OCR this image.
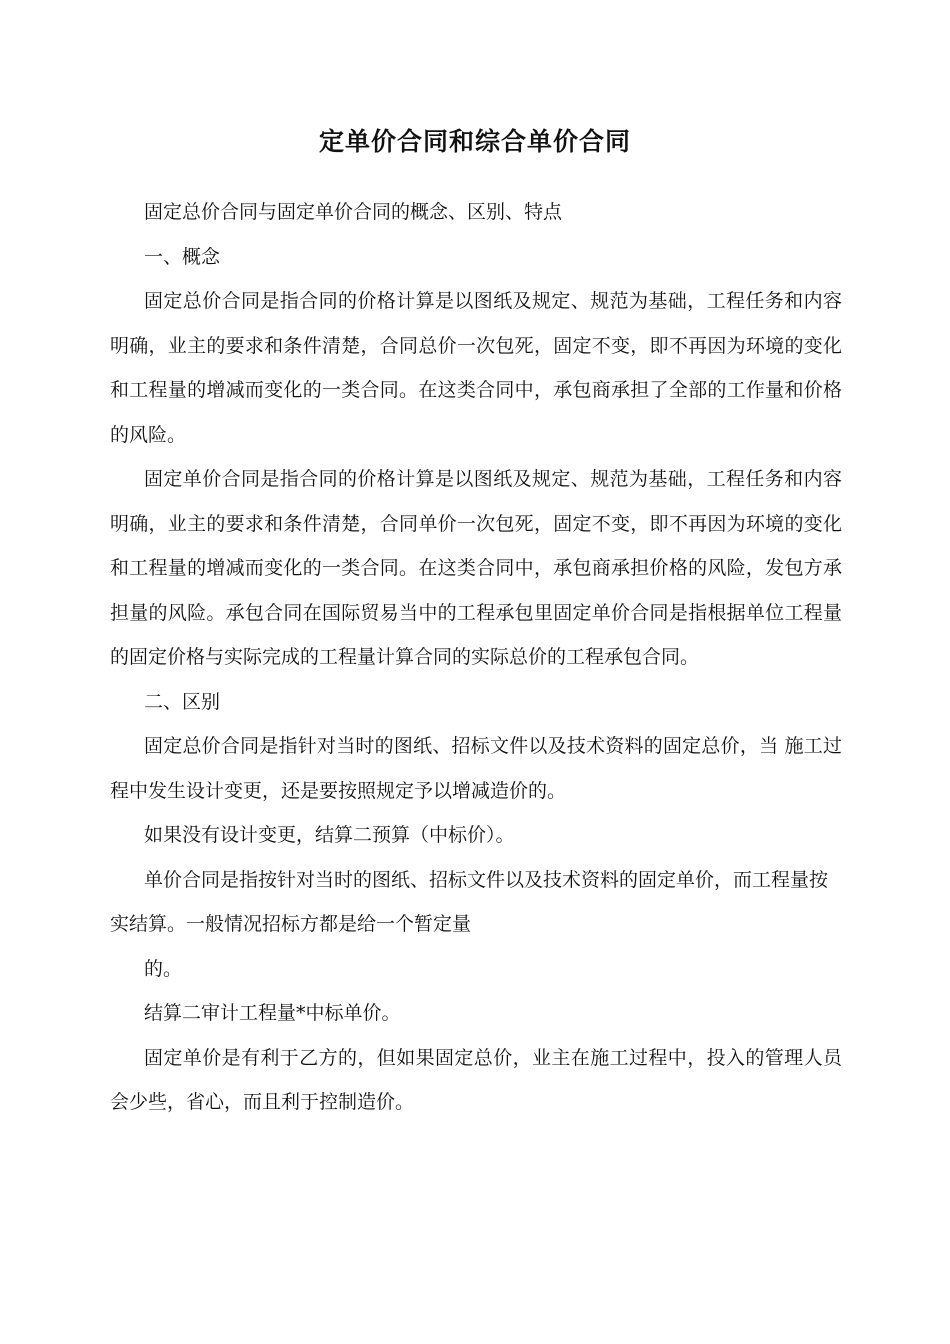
定单价合同和综合单价合同

固定总价合同与固定单价合同的概念、区别、特点

一、概念

固定总价合同是指合同的价格计算是以图纸及规定、规范为基础，工程任务和内容明确，业主的要求和条件清楚，合同总价一次包死，固定不变，即不再因为环境的变化和工程量的增减而变化的一类合同。在这类合同中，承包商承担了全部的工作量和价格的风险。

固定单价合同是指合同的价格计算是以图纸及规定、规范为基础，工程任务和内容明确，业主的要求和条件清楚，合同单价一次包死，固定不变，即不再因为环境的变化和工程量的增减而变化的一类合同。在这类合同中，承包商承担价格的风险，发包方承 担量的风险。承包合同在国际贸易当中的工程承包里固定单价合同是指根据单位工程量的固定价格与实际完成的工程量计算合同的实际总价的工程承包合同。

二、区别

固定总价合同是指针对当时的图纸、招标文件以及技术资料的固定总价，当 施工过程中发生设计变更，还是要按照规定予以增减造价的。

如果没有设计变更，结算二预算（中标价）。

单价合同是指按针对当时的图纸、招标文件以及技术资料的固定单价，而工程量按实结算。一般情况招标方都是给一个暂定量

的。

结算二审计工程量*中标单价。

固定单价是有利于乙方的，但如果固定总价，业主在施工过程中，投入的管理人员会少些，省心，而且利于控制造价。
